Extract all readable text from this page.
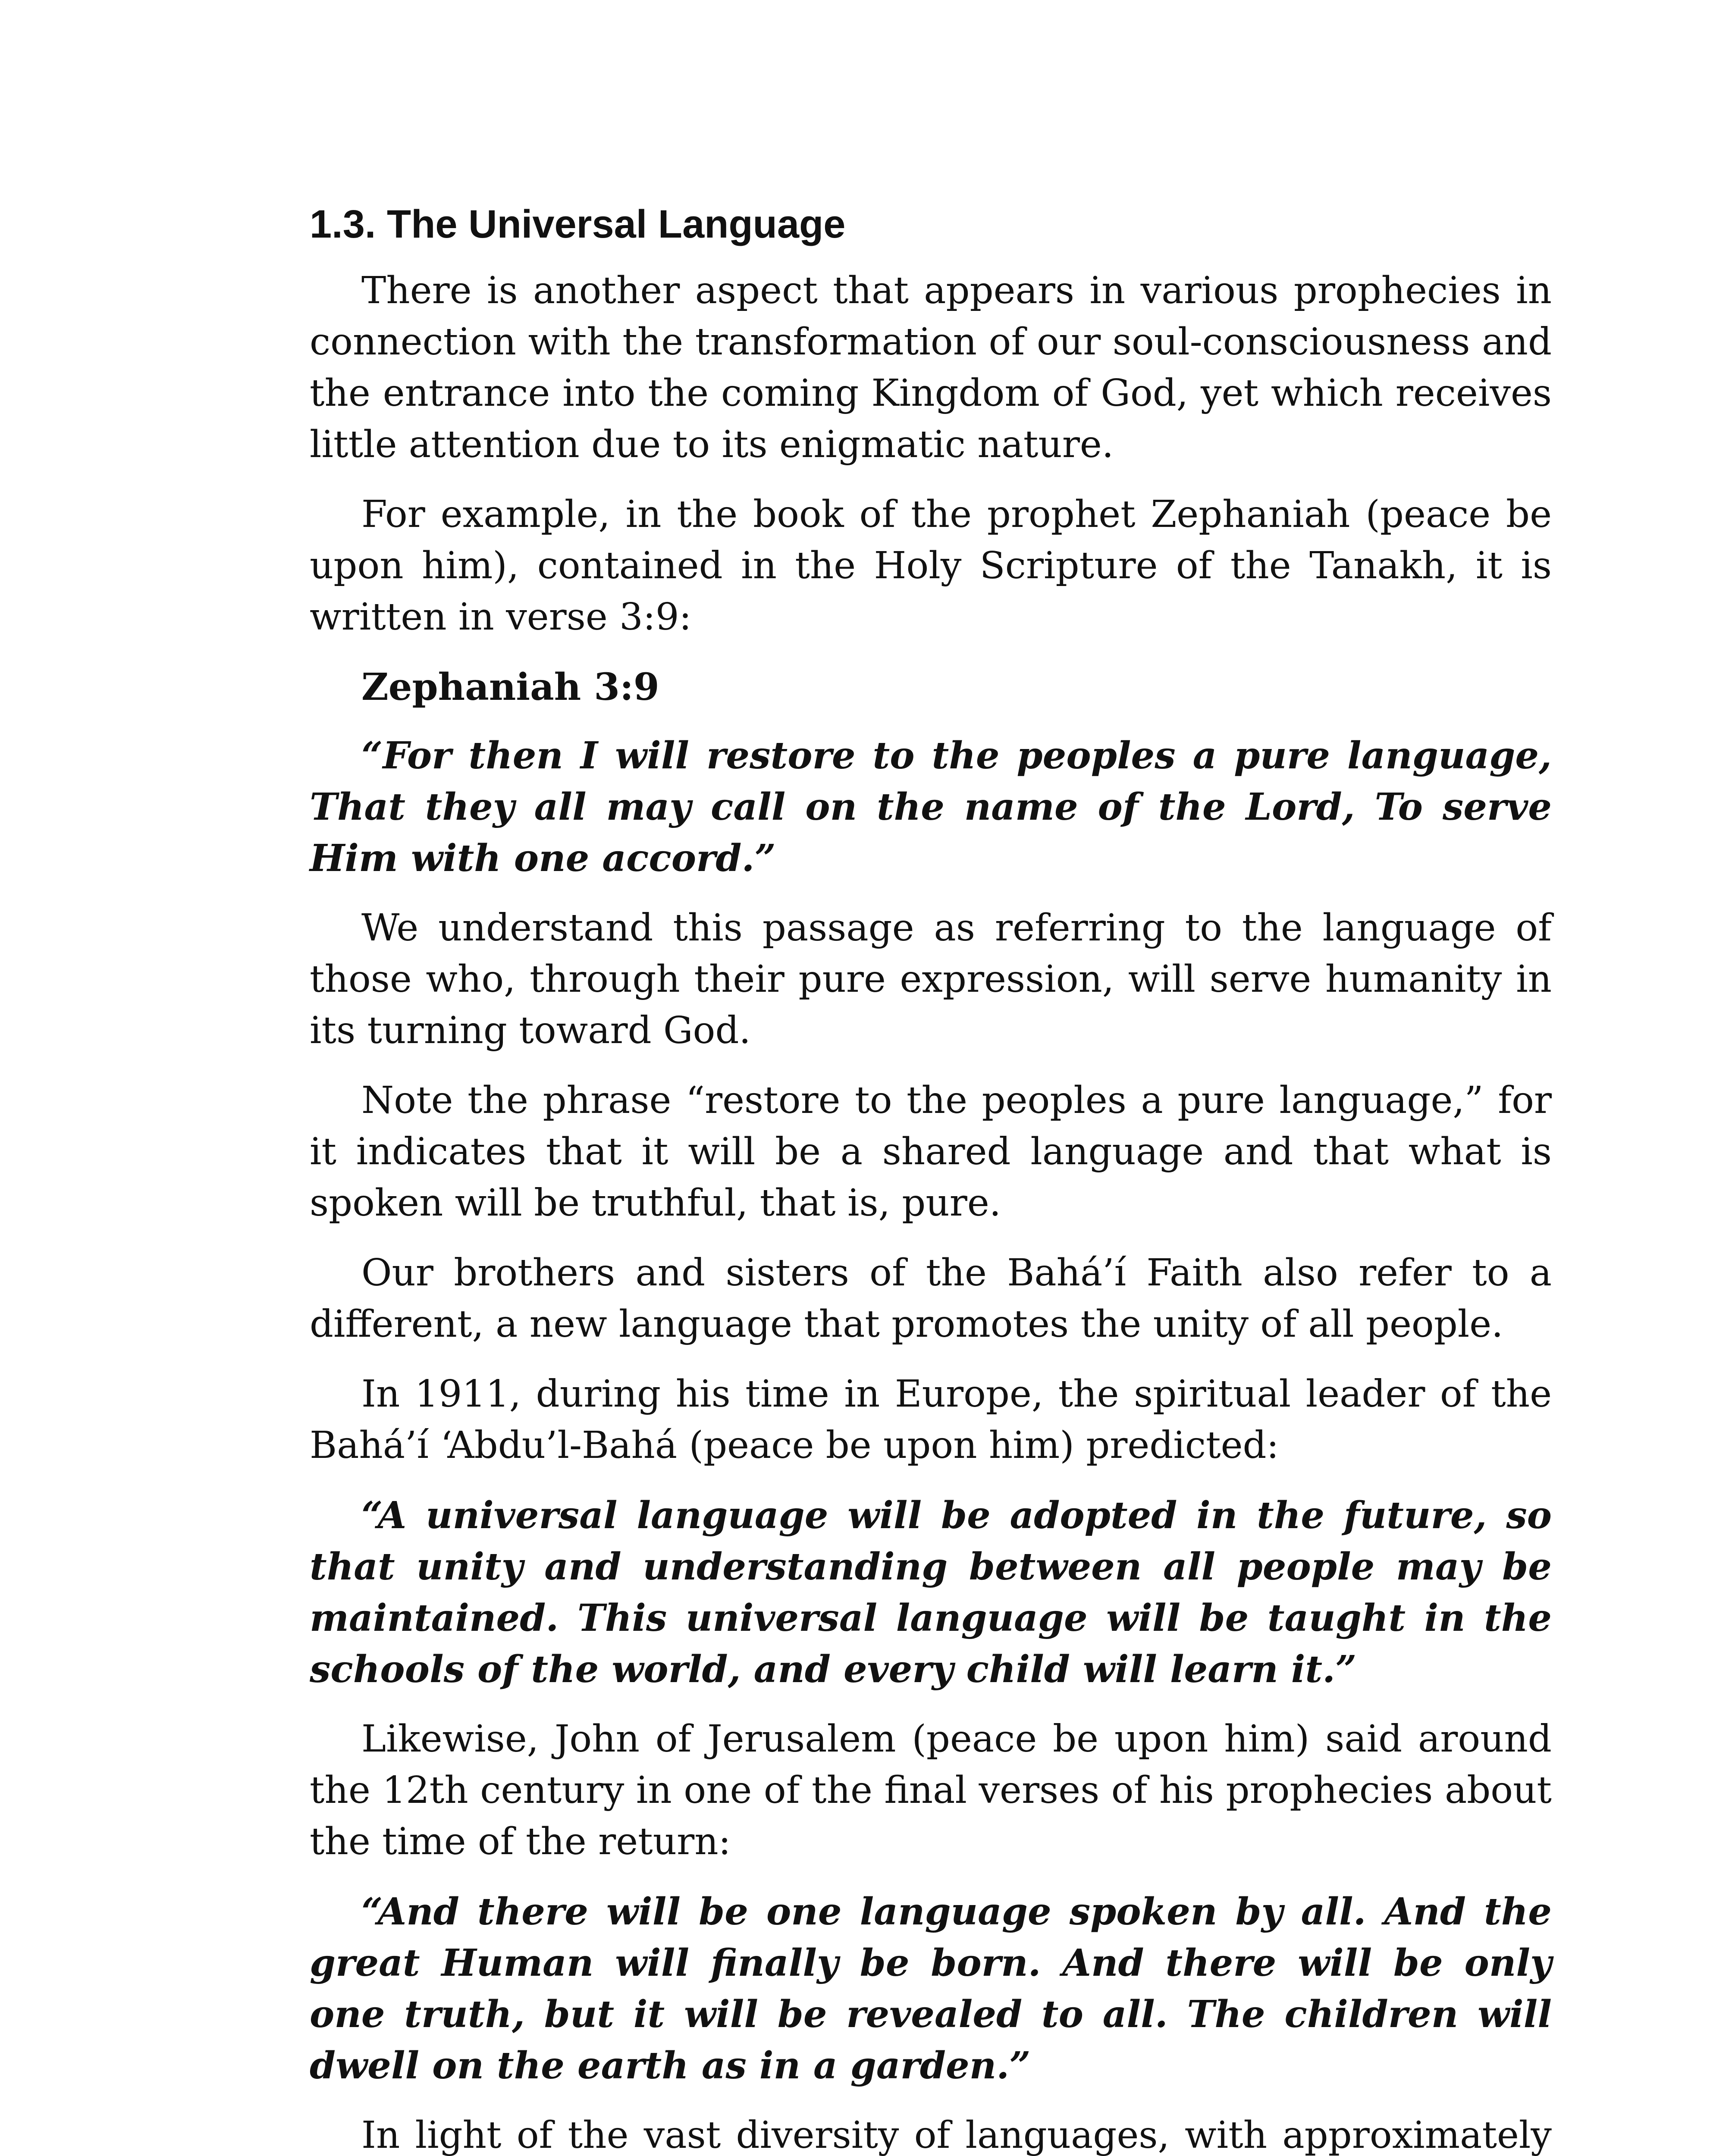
1.3. The Universal Language

There is another aspect that appears in various prophecies in connection with the transformation of our soul-consciousness and the entrance into the coming Kingdom of God, yet which receives little attention due to its enigmatic nature.

For example, in the book of the prophet Zephaniah (peace be upon him), contained in the Holy Scripture of the Tanakh, it is written in verse 3:9:

Zephaniah 3:9

“For then I will restore to the peoples a pure language, That they all may call on the name of the Lord, To serve Him with one accord.”

We understand this passage as referring to the language of those who, through their pure expression, will serve humanity in its turning toward God.

Note the phrase “restore to the peoples a pure language,” for it indicates that it will be a shared language and that what is spoken will be truthful, that is, pure.

Our brothers and sisters of the Bahá’í Faith also refer to a different, a new language that promotes the unity of all people.

In 1911, during his time in Europe, the spiritual leader of the Bahá’í ‘Abdu’l-Bahá (peace be upon him) predicted:

“A universal language will be adopted in the future, so that unity and understanding between all people may be maintained. This universal language will be taught in the schools of the world, and every child will learn it.”

Likewise, John of Jerusalem (peace be upon him) said around the 12th century in one of the final verses of his prophecies about the time of the return:

“And there will be one language spoken by all. And the great Human will finally be born. And there will be only one truth, but it will be revealed to all. The children will dwell on the earth as in a garden.”

In light of the vast diversity of languages, with approximately
